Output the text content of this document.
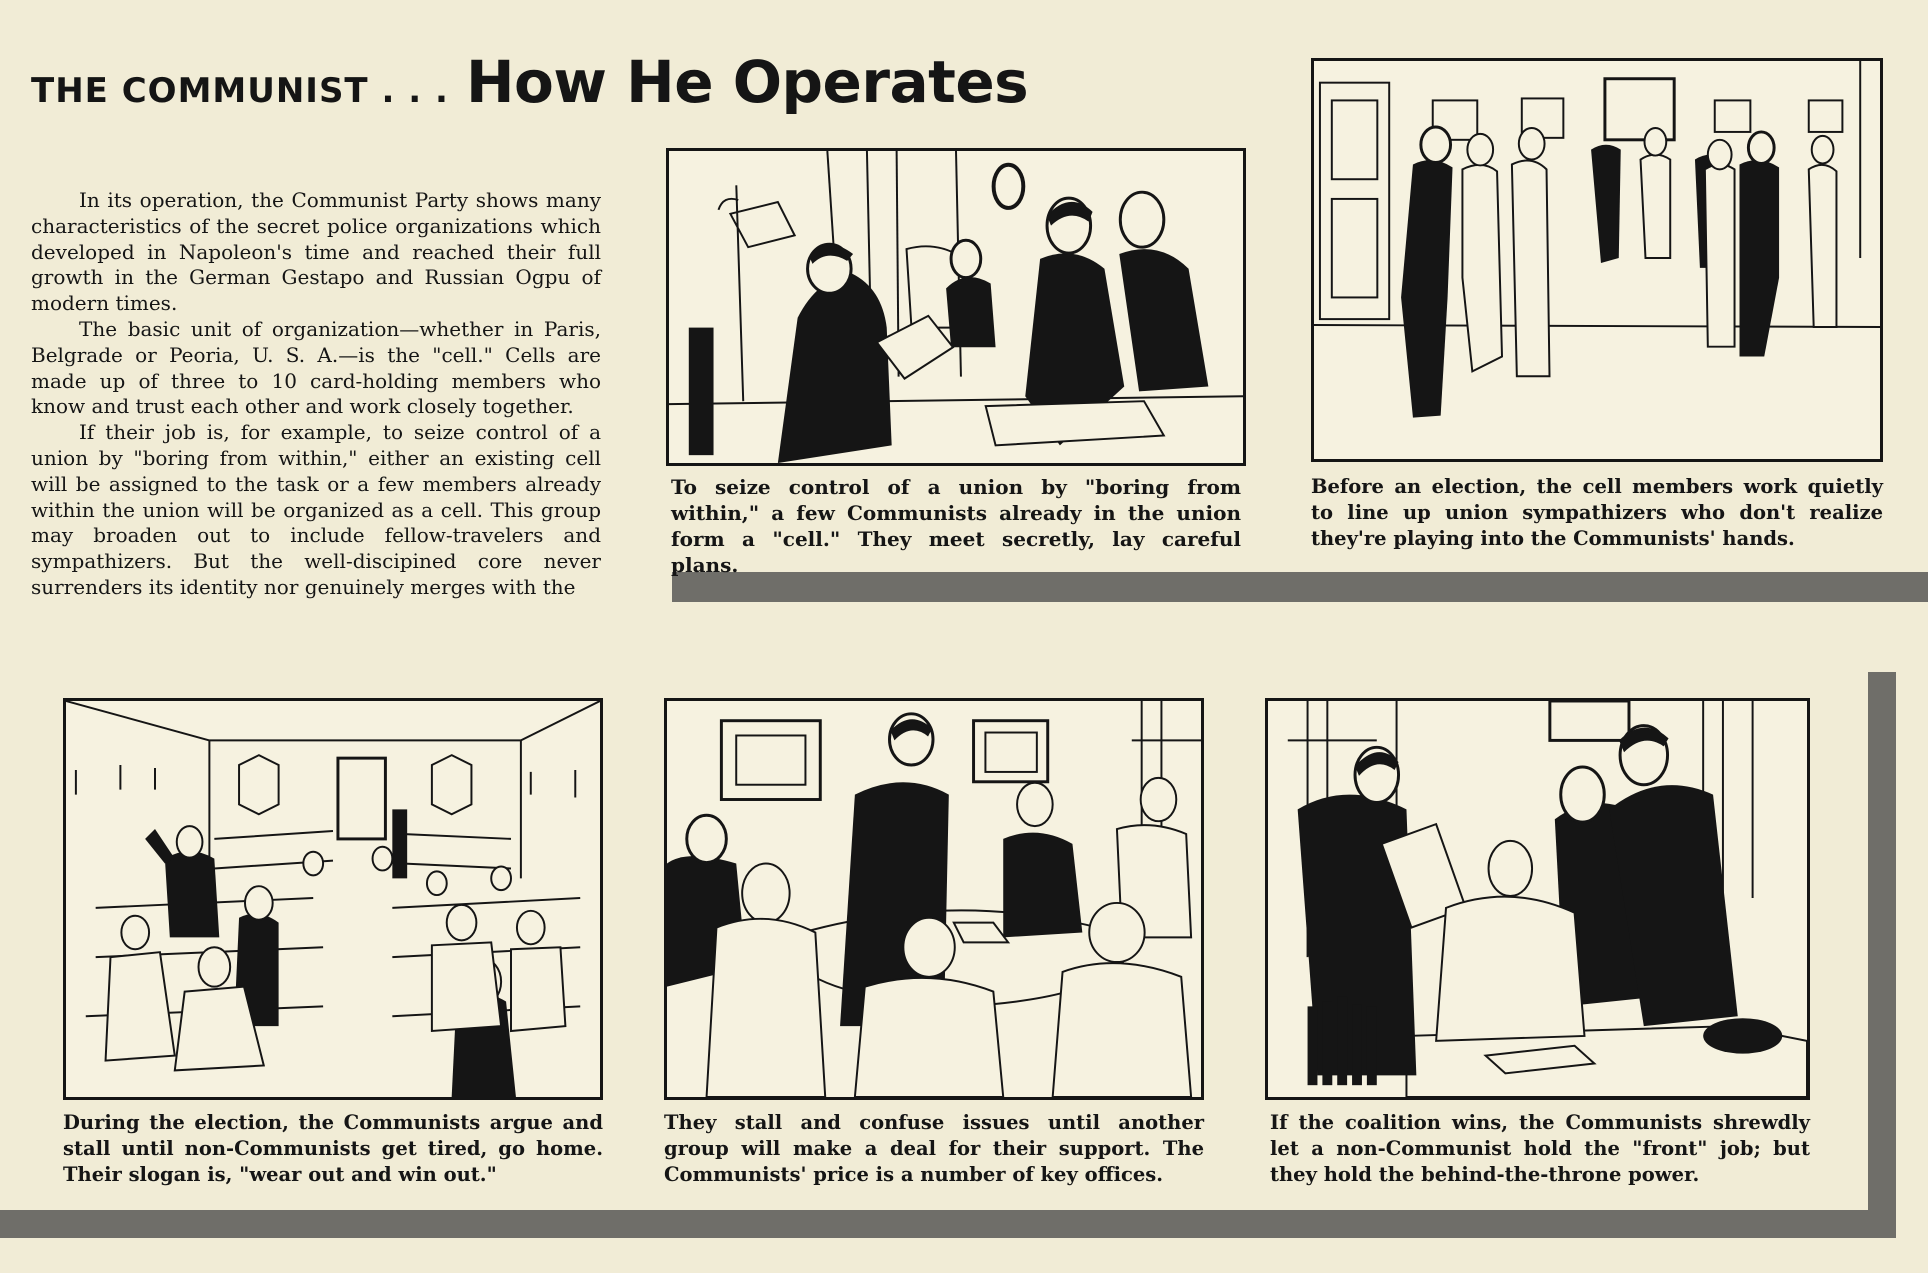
THE COMMUNIST . . . How He Operates

In its operation, the Communist Party shows many characteristics of the secret police organizations which developed in Napoleon's time and reached their full growth in the German Gestapo and Russian Ogpu of modern times.

The basic unit of organization—whether in Paris, Belgrade or Peoria, U. S. A.—is the "cell." Cells are made up of three to 10 card-holding members who know and trust each other and work closely together.

If their job is, for example, to seize control of a union by "boring from within," either an existing cell will be assigned to the task or a few members already within the union will be organized as a cell. This group may broaden out to include fellow-travelers and sympathizers. But the well-discipined core never surrenders its identity nor genuinely merges with the

To seize control of a union by "boring from within," a few Communists already in the union form a "cell." They meet secretly, lay careful plans.
Before an election, the cell members work quietly to line up union sympathizers who don't realize they're playing into the Communists' hands.
During the election, the Communists argue and stall until non-Communists get tired, go home. Their slogan is, "wear out and win out."
They stall and confuse issues until another group will make a deal for their support. The Communists' price is a number of key offices.
If the coalition wins, the Communists shrewdly let a non-Communist hold the "front" job; but they hold the behind-the-throne power.
